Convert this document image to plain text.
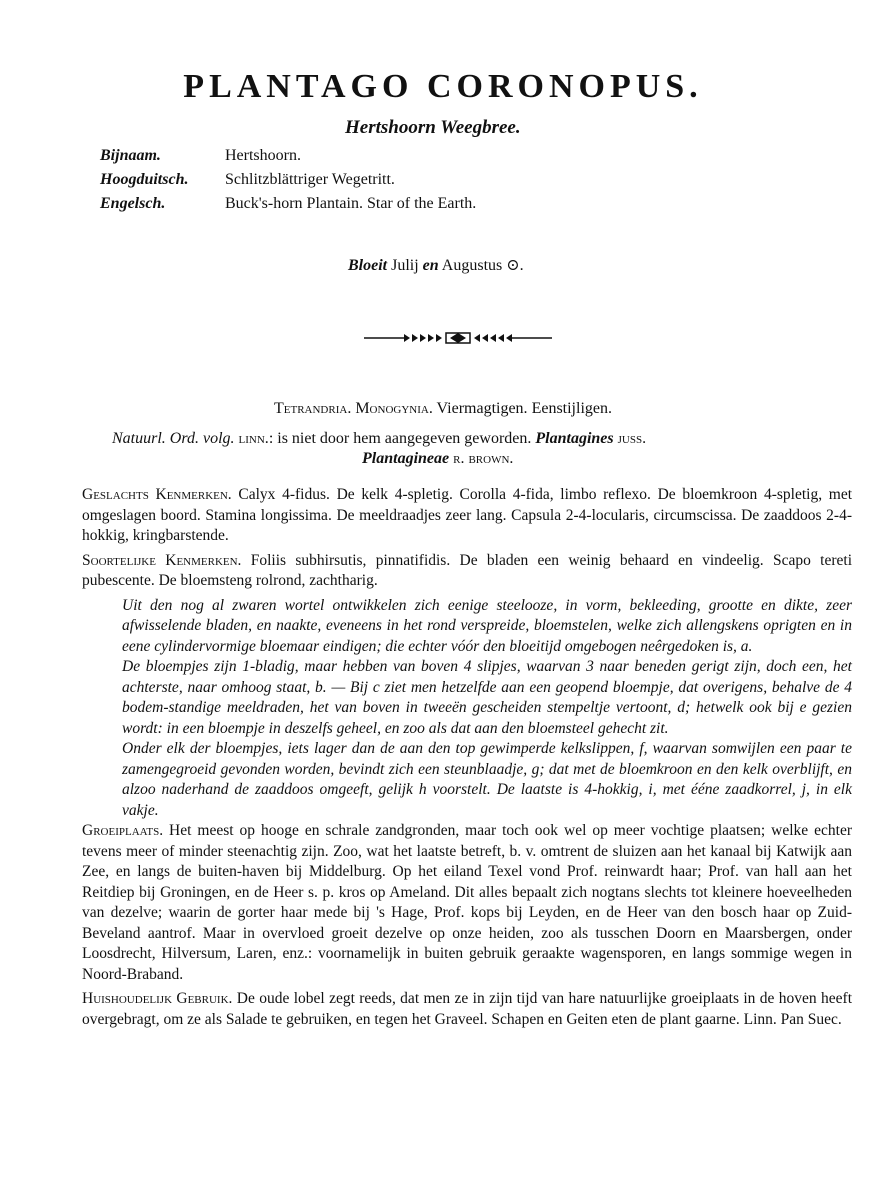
PLANTAGO CORONOPUS.
Hertshoorn Weegbree.
Bijnaam.	Hertshoorn.
Hoogduitsch.	Schlitzblättriger Wegetritt.
Engelsch.	Buck's-horn Plantain. Star of the Earth.
Bloeit Julij en Augustus ⊙.
Tetrandria. Monogynia. Viermagtigen. Eenstijligen.
Natuurl. Ord. volg. linn.: is niet door hem aangegeven geworden. Plantagines juss.
Plantagineae r. brown.

Geslachts Kenmerken. Calyx 4-fidus. De kelk 4-spletig. Corolla 4-fida, limbo reflexo. De bloemkroon 4-spletig, met omgeslagen boord. Stamina longissima. De meeldraadjes zeer lang. Capsula 2-4-locularis, circumscissa. De zaaddoos 2-4-hokkig, kringbarstende.

Soortelijke Kenmerken. Foliis subhirsutis, pinnatifidis. De bladen een weinig behaard en vindeelig. Scapo tereti pubescente. De bloemsteng rolrond, zachtharig.

Uit den nog al zwaren wortel ontwikkelen zich eenige steelooze, in vorm, bekleeding, grootte en dikte, zeer afwisselende bladen, en naakte, eveneens in het rond verspreide, bloemstelen, welke zich allengskens oprigten en in eene cylindervormige bloemaar eindigen; die echter vóór den bloeitijd omgebogen neêrgedoken is, a.

De bloempjes zijn 1-bladig, maar hebben van boven 4 slipjes, waarvan 3 naar beneden gerigt zijn, doch een, het achterste, naar omhoog staat, b. — Bij c ziet men hetzelfde aan een geopend bloempje, dat overigens, behalve de 4 bodem-standige meeldraden, het van boven in tweeën gescheiden stempeltje vertoont, d; hetwelk ook bij e gezien wordt: in een bloempje in deszelfs geheel, en zoo als dat aan den bloemsteel gehecht zit.

Onder elk der bloempjes, iets lager dan de aan den top gewimperde kelkslippen, f, waarvan somwijlen een paar te zamengegroeid gevonden worden, bevindt zich een steunblaadje, g; dat met de bloemkroon en den kelk overblijft, en alzoo naderhand de zaaddoos omgeeft, gelijk h voorstelt. De laatste is 4-hokkig, i, met ééne zaadkorrel, j, in elk vakje.

Groeiplaats. Het meest op hooge en schrale zandgronden, maar toch ook wel op meer vochtige plaatsen; welke echter tevens meer of minder steenachtig zijn. Zoo, wat het laatste betreft, b. v. omtrent de sluizen aan het kanaal bij Katwijk aan Zee, en langs de buiten-haven bij Middelburg. Op het eiland Texel vond Prof. reinwardt haar; Prof. van hall aan het Reitdiep bij Groningen, en de Heer s. p. kros op Ameland. Dit alles bepaalt zich nogtans slechts tot kleinere hoeveelheden van dezelve; waarin de gorter haar mede bij 's Hage, Prof. kops bij Leyden, en de Heer van den bosch haar op Zuid-Beveland aantrof. Maar in overvloed groeit dezelve op onze heiden, zoo als tusschen Doorn en Maarsbergen, onder Loosdrecht, Hilversum, Laren, enz.: voornamelijk in buiten gebruik geraakte wagensporen, en langs sommige wegen in Noord-Braband.

Huishoudelijk Gebruik. De oude lobel zegt reeds, dat men ze in zijn tijd van hare natuurlijke groeiplaats in de hoven heeft overgebragt, om ze als Salade te gebruiken, en tegen het Graveel. Schapen en Geiten eten de plant gaarne. Linn. Pan Suec.
